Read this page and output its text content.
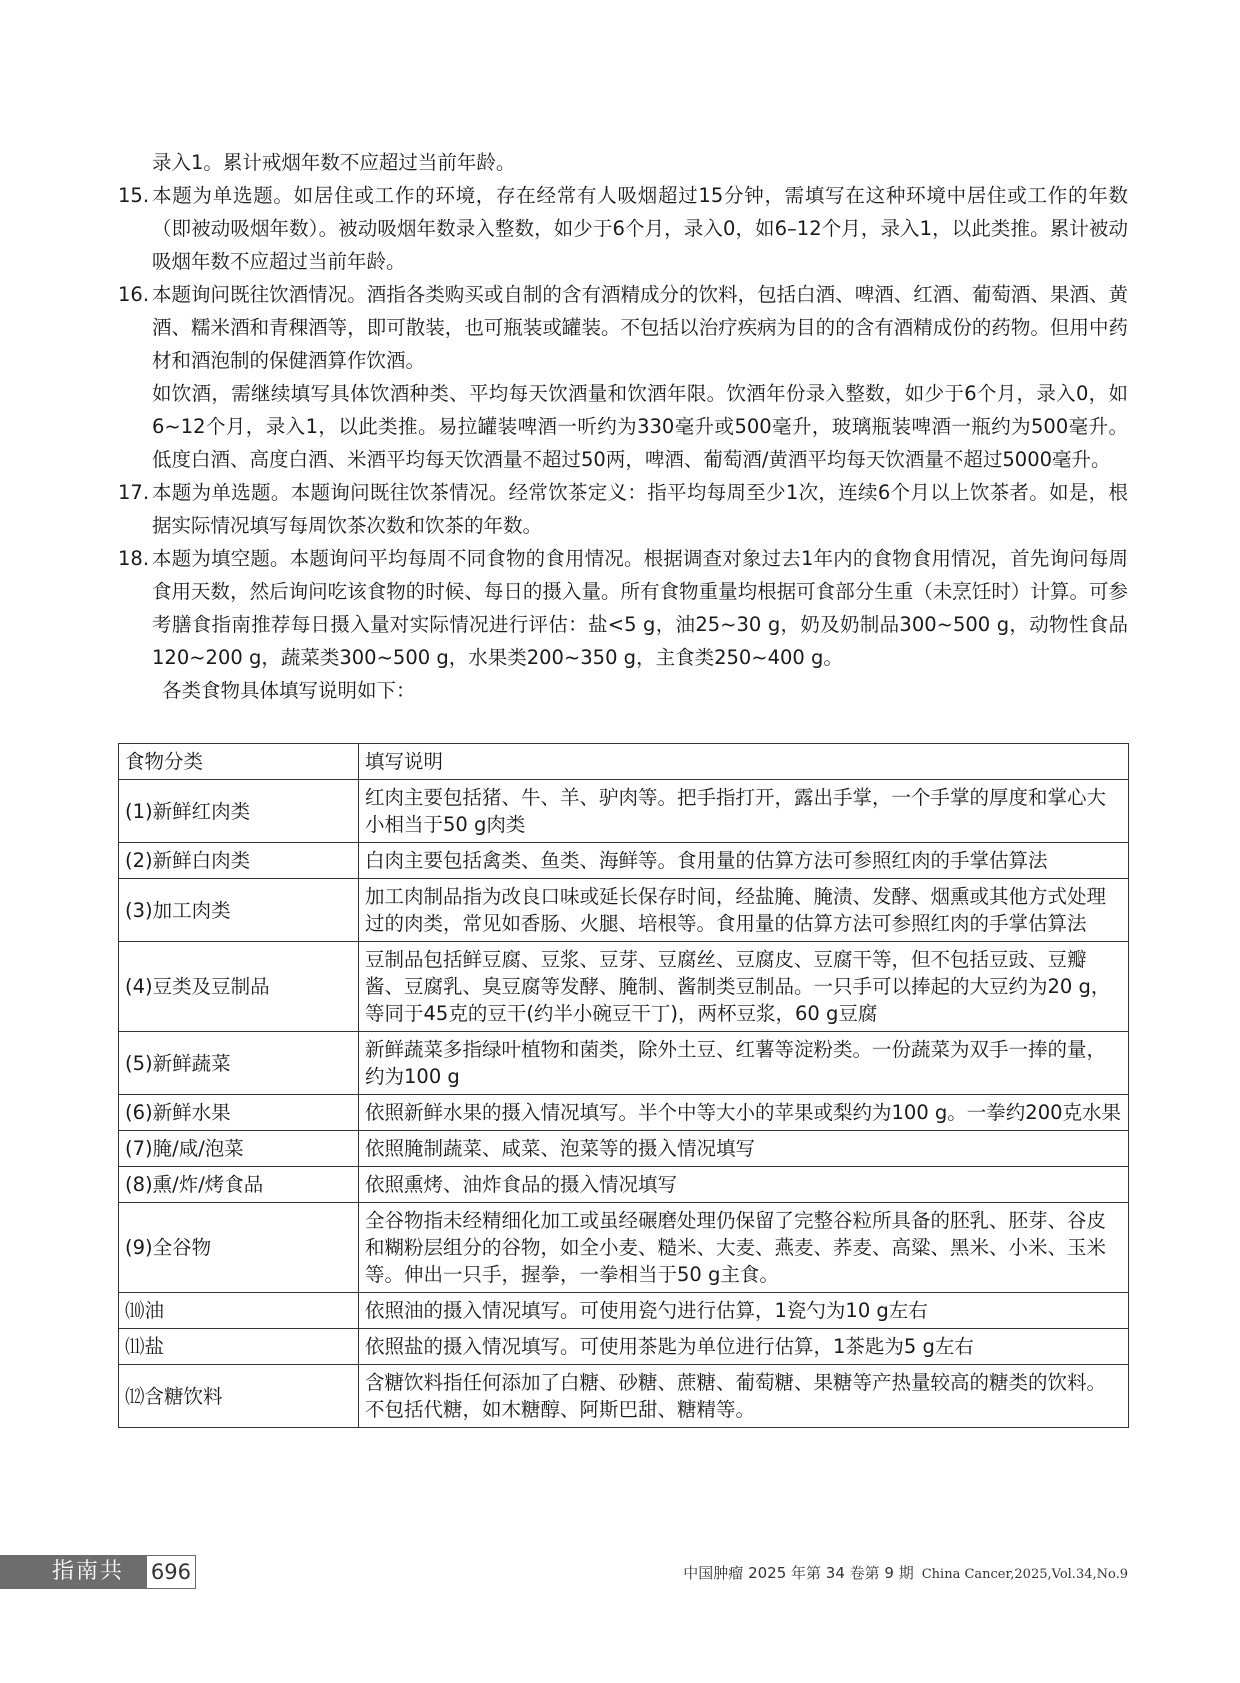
录入1。累计戒烟年数不应超过当前年龄。

15. 本题为单选题。如居住或工作的环境，存在经常有人吸烟超过15分钟，需填写在这种环境中居住或工作的年数（即被动吸烟年数）。被动吸烟年数录入整数，如少于6个月，录入0，如6–12个月，录入1，以此类推。累计被动吸烟年数不应超过当前年龄。
16. 本题询问既往饮酒情况。酒指各类购买或自制的含有酒精成分的饮料，包括白酒、啤酒、红酒、葡萄酒、果酒、黄酒、糯米酒和青稞酒等，即可散装，也可瓶装或罐装。不包括以治疗疾病为目的的含有酒精成份的药物。但用中药材和酒泡制的保健酒算作饮酒。

如饮酒，需继续填写具体饮酒种类、平均每天饮酒量和饮酒年限。饮酒年份录入整数，如少于6个月，录入0，如6~12个月，录入1，以此类推。易拉罐装啤酒一听约为330毫升或500毫升，玻璃瓶装啤酒一瓶约为500毫升。低度白酒、高度白酒、米酒平均每天饮酒量不超过50两，啤酒、葡萄酒/黄酒平均每天饮酒量不超过5000毫升。

17. 本题为单选题。本题询问既往饮茶情况。经常饮茶定义：指平均每周至少1次，连续6个月以上饮茶者。如是，根据实际情况填写每周饮茶次数和饮茶的年数。
18. 本题为填空题。本题询问平均每周不同食物的食用情况。根据调查对象过去1年内的食物食用情况，首先询问每周食用天数，然后询问吃该食物的时候、每日的摄入量。所有食物重量均根据可食部分生重（未烹饪时）计算。可参考膳食指南推荐每日摄入量对实际情况进行评估：盐<5 g，油25~30 g，奶及奶制品300~500 g，动物性食品120~200 g，蔬菜类300~500 g，水果类200~350 g，主食类250~400 g。

各类食物具体填写说明如下：

食物分类	填写说明
(1)新鲜红肉类	红肉主要包括猪、牛、羊、驴肉等。把手指打开，露出手掌，一个手掌的厚度和掌心大小相当于50 g肉类
(2)新鲜白肉类	白肉主要包括禽类、鱼类、海鲜等。食用量的估算方法可参照红肉的手掌估算法
(3)加工肉类	加工肉制品指为改良口味或延长保存时间，经盐腌、腌渍、发酵、烟熏或其他方式处理过的肉类，常见如香肠、火腿、培根等。食用量的估算方法可参照红肉的手掌估算法
(4)豆类及豆制品	豆制品包括鲜豆腐、豆浆、豆芽、豆腐丝、豆腐皮、豆腐干等，但不包括豆豉、豆瓣酱、豆腐乳、臭豆腐等发酵、腌制、酱制类豆制品。一只手可以捧起的大豆约为20 g，等同于45克的豆干(约半小碗豆干丁)，两杯豆浆，60 g豆腐
(5)新鲜蔬菜	新鲜蔬菜多指绿叶植物和菌类，除外土豆、红薯等淀粉类。一份蔬菜为双手一捧的量，约为100 g
(6)新鲜水果	依照新鲜水果的摄入情况填写。半个中等大小的苹果或梨约为100 g。一拳约200克水果
(7)腌/咸/泡菜	依照腌制蔬菜、咸菜、泡菜等的摄入情况填写
(8)熏/炸/烤食品	依照熏烤、油炸食品的摄入情况填写
(9)全谷物	全谷物指未经精细化加工或虽经碾磨处理仍保留了完整谷粒所具备的胚乳、胚芽、谷皮和糊粉层组分的谷物，如全小麦、糙米、大麦、燕麦、荞麦、高粱、黑米、小米、玉米等。伸出一只手，握拳，一拳相当于50 g主食。
⑽油	依照油的摄入情况填写。可使用瓷勺进行估算，1瓷勺为10 g左右
⑾盐	依照盐的摄入情况填写。可使用茶匙为单位进行估算，1茶匙为5 g左右
⑿含糖饮料	含糖饮料指任何添加了白糖、砂糖、蔗糖、葡萄糖、果糖等产热量较高的糖类的饮料。不包括代糖，如木糖醇、阿斯巴甜、糖精等。
指南共识
696	中国肿瘤 2025 年第 34 卷第 9 期 China Cancer,2025,Vol.34,No.9
